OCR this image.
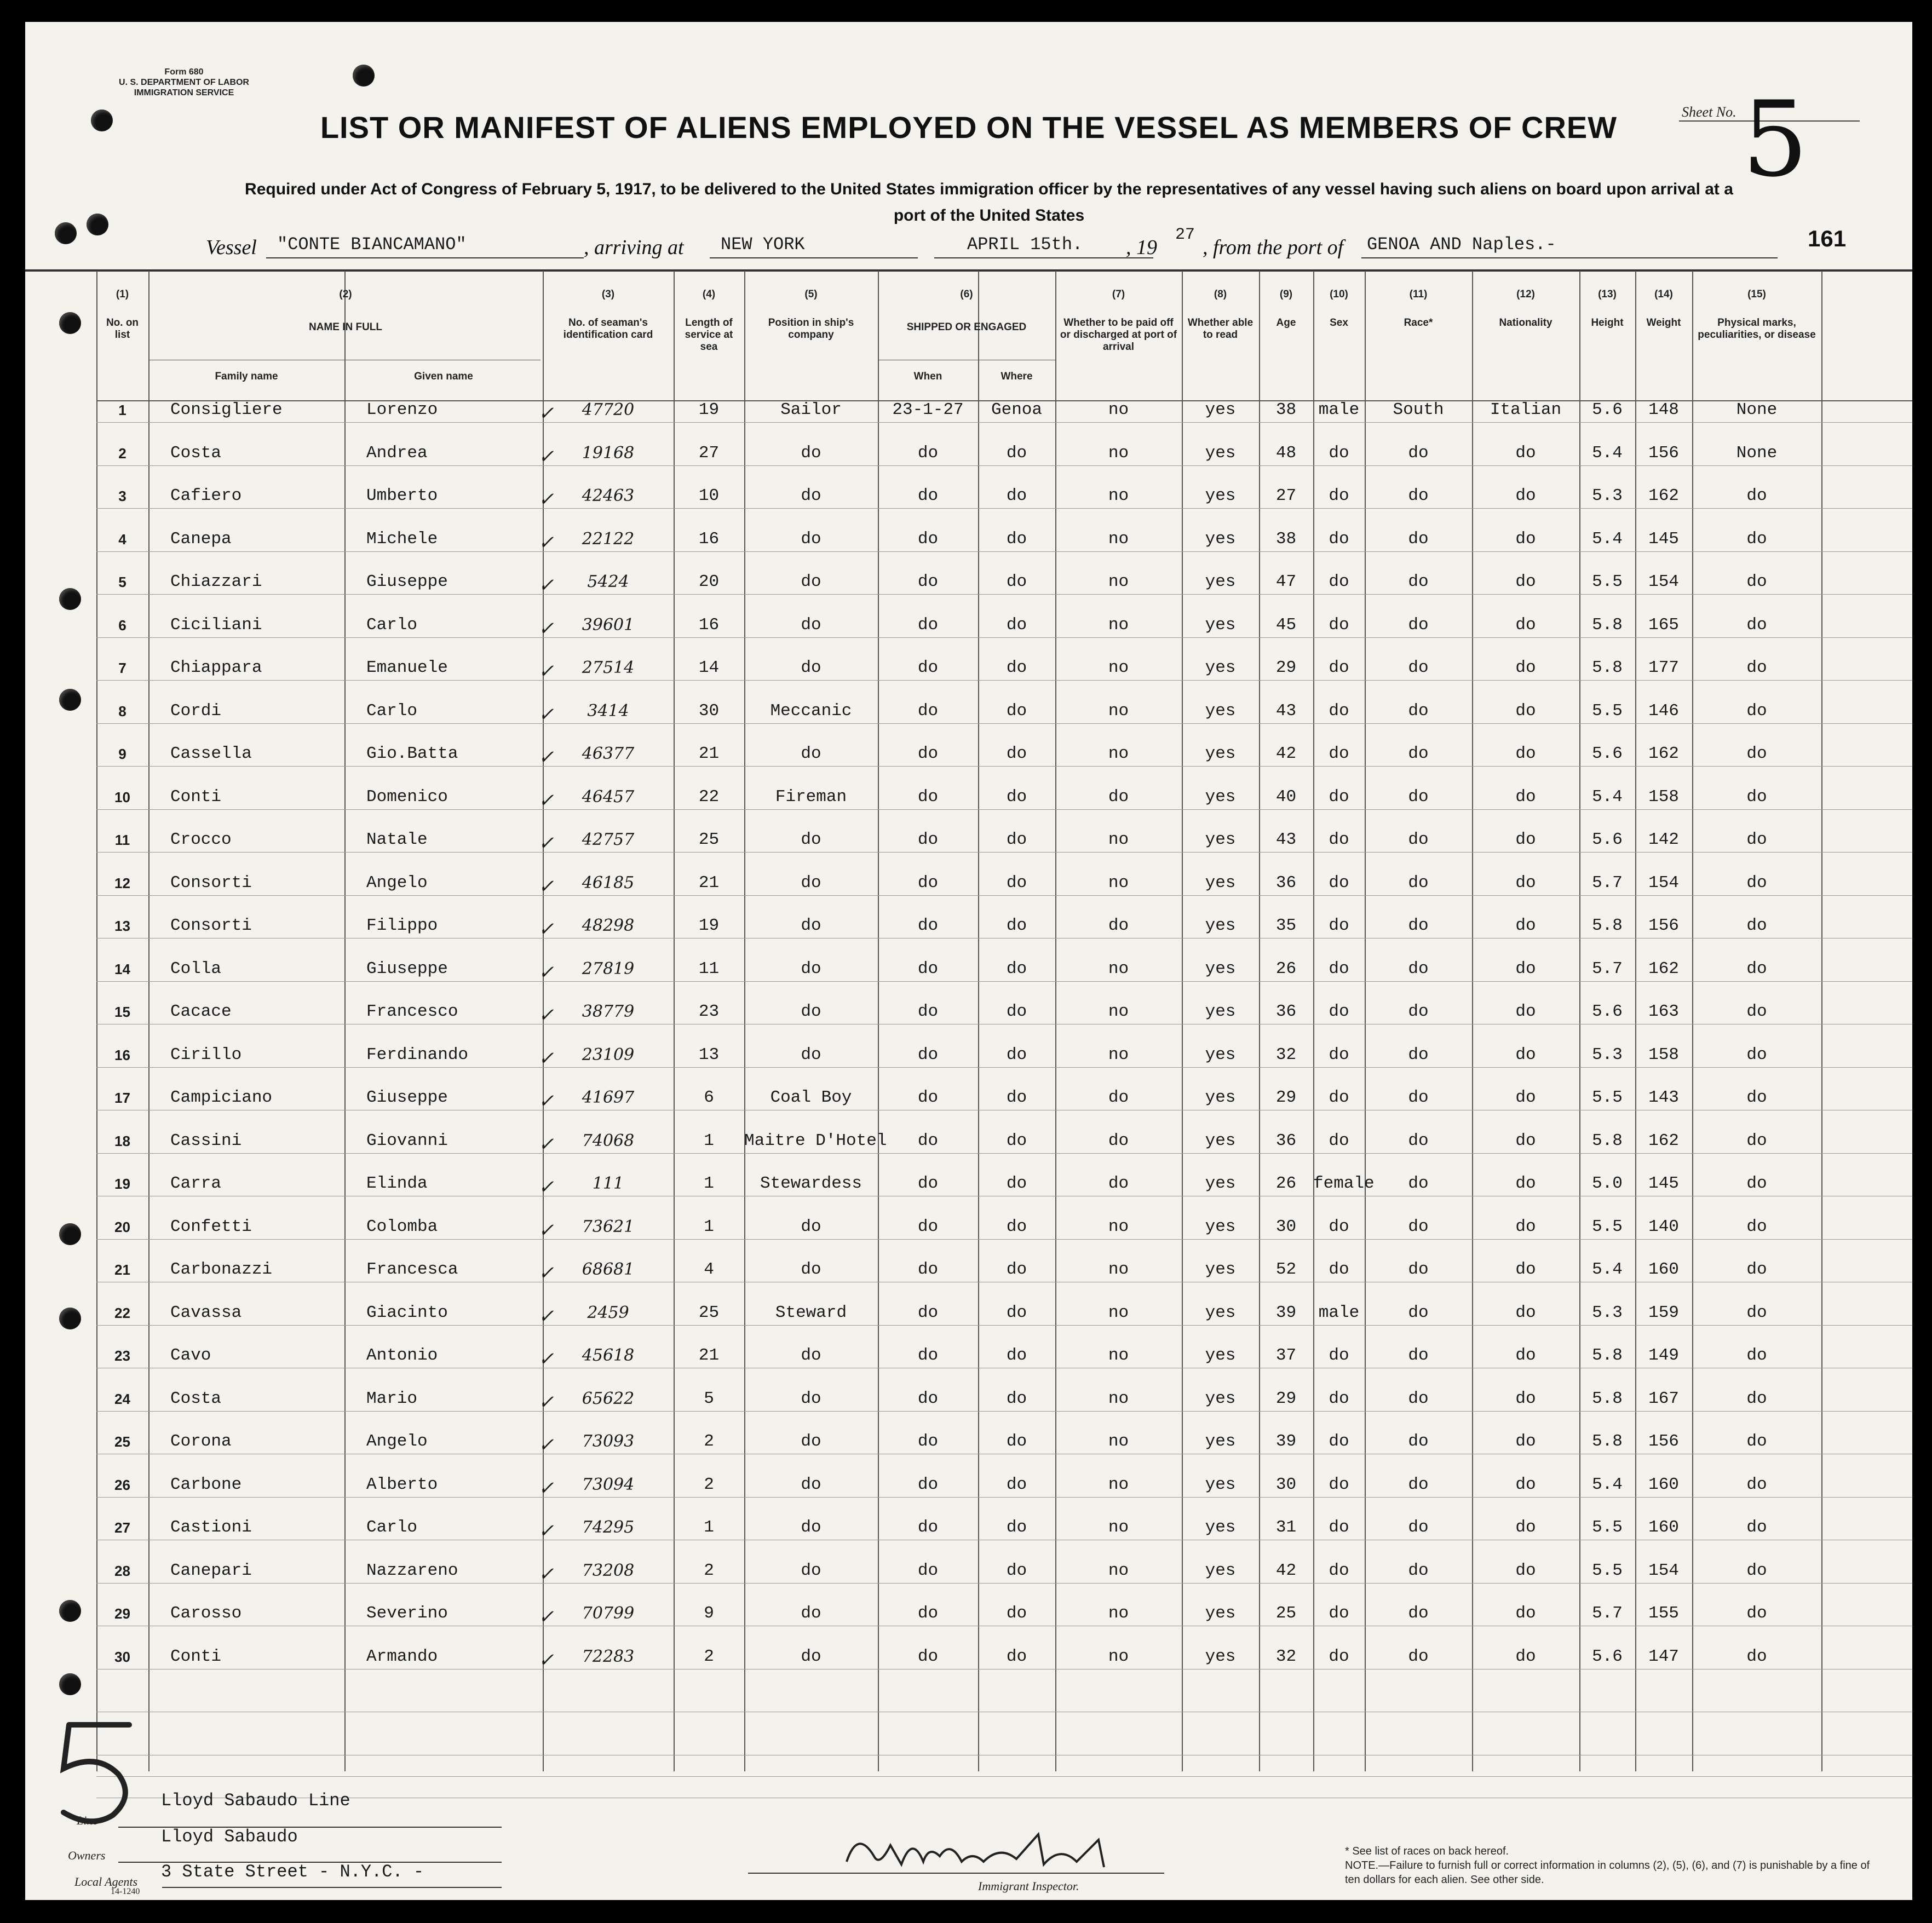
Form 680
U. S. DEPARTMENT OF LABOR
IMMIGRATION SERVICE
LIST OR MANIFEST OF ALIENS EMPLOYED ON THE VESSEL AS MEMBERS OF CREW
Required under Act of Congress of February 5, 1917, to be delivered to the United States immigration officer by the representatives of any vessel having such aliens on board upon arrival at a
port of the United States
Sheet No. 5
161
Vessel "CONTE BIANCAMANO"	, arriving at NEW YORK	APRIL 15th. , 19
27
, from the port of GENOA AND Naples.-
(1)
No. on list
(2)
NAME IN FULL
Family name	Given name
(3)
No. of seaman's identification card
(4)
Length of service at sea
(5)
Position in ship's company
(6)
SHIPPED OR ENGAGED
When	Where
(7)
Whether to be paid off or discharged at port of arrival
(8)
Whether able to read
(9)
Age
(10)
Sex
(11)
Race*
(12)
Nationality
(13)
Height
(14)
Weight
(15)
Physical marks, peculiarities, or disease
1	Consigliere	Lorenzo	47720	19	Sailor	23-1-27	Genoa	no	yes	38	male	South	Italian	5.6	148	None
✓
2	Costa	Andrea	19168	27	do	do	do	no	yes	48	do	do	do	5.4	156	None
✓
3	Cafiero	Umberto	42463	10	do	do	do	no	yes	27	do	do	do	5.3	162	do
✓
4	Canepa	Michele	22122	16	do	do	do	no	yes	38	do	do	do	5.4	145	do
✓
5	Chiazzari	Giuseppe	5424	20	do	do	do	no	yes	47	do	do	do	5.5	154	do
✓
6	Ciciliani	Carlo	39601	16	do	do	do	no	yes	45	do	do	do	5.8	165	do
✓
7	Chiappara	Emanuele	27514	14	do	do	do	no	yes	29	do	do	do	5.8	177	do
✓
8	Cordi	Carlo	3414	30	Meccanic	do	do	no	yes	43	do	do	do	5.5	146	do
✓
9	Cassella	Gio.Batta	46377	21	do	do	do	no	yes	42	do	do	do	5.6	162	do
✓
10	Conti	Domenico	46457	22	Fireman	do	do	do	yes	40	do	do	do	5.4	158	do
✓
11	Crocco	Natale	42757	25	do	do	do	no	yes	43	do	do	do	5.6	142	do
✓
12	Consorti	Angelo	46185	21	do	do	do	no	yes	36	do	do	do	5.7	154	do
✓
13	Consorti	Filippo	48298	19	do	do	do	do	yes	35	do	do	do	5.8	156	do
✓
14	Colla	Giuseppe	27819	11	do	do	do	no	yes	26	do	do	do	5.7	162	do
✓
15	Cacace	Francesco	38779	23	do	do	do	no	yes	36	do	do	do	5.6	163	do
✓
16	Cirillo	Ferdinando	23109	13	do	do	do	no	yes	32	do	do	do	5.3	158	do
✓
17	Campiciano	Giuseppe	41697	6	Coal Boy	do	do	do	yes	29	do	do	do	5.5	143	do
✓
18	Cassini	Giovanni	74068	1	Maitre D'Hotel	do	do	do	yes	36	do	do	do	5.8	162	do
✓
19	Carra	Elinda	111	1	Stewardess	do	do	do	yes	26 female	do	do	5.0	145	do
✓
20	Confetti	Colomba	73621	1	do	do	do	no	yes	30	do	do	do	5.5	140	do
✓
21	Carbonazzi	Francesca	68681	4	do	do	do	no	yes	52	do	do	do	5.4	160	do
✓
22	Cavassa	Giacinto	2459	25	Steward	do	do	no	yes	39	male	do	do	5.3	159	do
✓
23	Cavo	Antonio	45618	21	do	do	do	no	yes	37	do	do	do	5.8	149	do
✓
24	Costa	Mario	65622	5	do	do	do	no	yes	29	do	do	do	5.8	167	do
✓
25	Corona	Angelo	73093	2	do	do	do	no	yes	39	do	do	do	5.8	156	do
✓
26	Carbone	Alberto	73094	2	do	do	do	no	yes	30	do	do	do	5.4	160	do
✓
27	Castioni	Carlo	74295	1	do	do	do	no	yes	31	do	do	do	5.5	160	do
✓
28	Canepari	Nazzareno	73208	2	do	do	do	no	yes	42	do	do	do	5.5	154	do
✓
29	Carosso	Severino	70799	9	do	do	do	no	yes	25	do	do	do	5.7	155	do
✓
30	Conti	Armando	72283	2	do	do	do	no	yes	32	do	do	do	5.6	147	do
✓
Line
Lloyd Sabaudo Line
Owners
Lloyd Sabaudo
Local Agents
14-1240
3 State Street - N.Y.C. -
Immigrant Inspector.
* See list of races on back hereof.
NOTE.—Failure to furnish full or correct information in columns (2), (5), (6), and (7) is punishable by a fine of ten dollars for each alien. See other side.
